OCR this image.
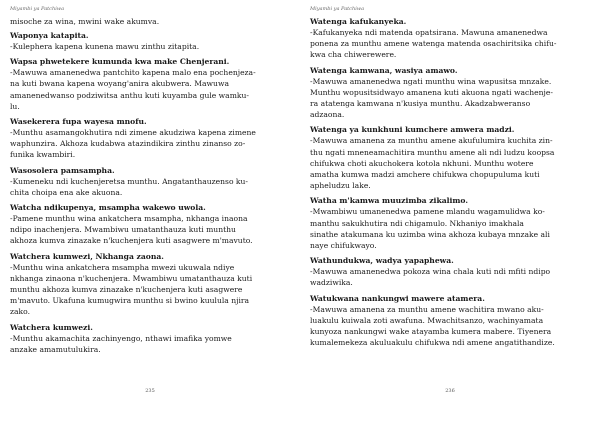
Miyambi ya Patchiwa

misoche za wina, mwini wake akumva.

Waponya katapita.

-Kulephera kapena kunena mawu zinthu zitapita.

Wapsa phwetekere kumunda kwa make Chenjerani.

-Mawuwa amanenedwa pantchito kapena malo ena pochenjeza-

na kuti bwana kapena woyang'anira akubwera. Mawuwa

amanenedwanso podziwitsa anthu kuti kuyamba gule wamku-

lu.

Wasekerera fupa wayesa mnofu.

-Munthu asamangokhutira ndi zimene akudziwa kapena zimene

waphunzira. Akhoza kudabwa atazindikira zinthu zinanso zo-

funika kwambiri.

Wasosolera pamsampha.

-Kumeneku ndi kuchenjeretsa munthu. Angatanthauzenso ku-

chita choipa ena ake akuona.

Watcha ndikupenya, msampha wakewo uwola.

-Pamene munthu wina ankatchera msampha, nkhanga inaona

ndipo inachenjera. Mwambiwu umatanthauza kuti munthu

akhoza kumva zinazake n'kuchenjera kuti asagwere m'mavuto.

Watchera kumwezi, Nkhanga zaona.

-Munthu wina ankatchera msampha mwezi ukuwala ndiye

nkhanga zinaona n'kuchenjera. Mwambiwu umatanthauza kuti

munthu akhoza kumva zinazake n'kuchenjera kuti asagwere

m'mavuto. Ukafuna kumugwira munthu si bwino kuulula njira

zako.

Watchera kumwezi.

-Munthu akamachita zachinyengo, nthawi imafika yomwe

anzake amamutulukira.

235
Miyambi ya Patchiwa

Watenga kafukanyeka.

-Kafukanyeka ndi matenda opatsirana. Mawuna amanenedwa

ponena za munthu amene watenga matenda osachiritsika chifu-

kwa cha chiwerewere.

Watenga kamwana, wasiya amawo.

-Mawuwa amanenedwa ngati munthu wina wapusitsa mnzake.

Munthu wopusitsidwayo amanena kuti akuona ngati wachenje-

ra atatenga kamwana n'kusiya munthu. Akadzabweranso

adzaona.

Watenga ya kunkhuni kumchere amwera madzi.

-Mawuwa amanena za munthu amene akufulumira kuchita zin-

thu ngati mneneamachitira munthu amene ali ndi ludzu koopsa

chifukwa choti akuchokera kotola nkhuni. Munthu wotere

amatha kumwa madzi amchere chifukwa chopupuluma kuti

apheludzu lake.

Watha m'kamwa muuzimba zikalimo.

-Mwambiwu umanenedwa pamene mlandu wagamulidwa ko-

manthu sakukhutira ndi chigamulo. Nkhaniyo imakhala

sinathe atakumana ku uzimba wina akhoza kubaya mnzake ali

naye chifukwayo.

Wathundukwa, wadya yapaphewa.

-Mawuwa amanenedwa pokoza wina chala kuti ndi mfiti ndipo

wadziwika.

Watukwana nankungwi mawere atamera.

-Mawuwa amanena za munthu amene wachitira mwano aku-

luakulu kuiwala zoti awafuna. Mwachitsanzo, wachinyamata

kunyoza nankungwi wake atayamba kumera mabere. Tiyenera

kumalemekeza akuluakulu chifukwa ndi amene angatithandize.

236
